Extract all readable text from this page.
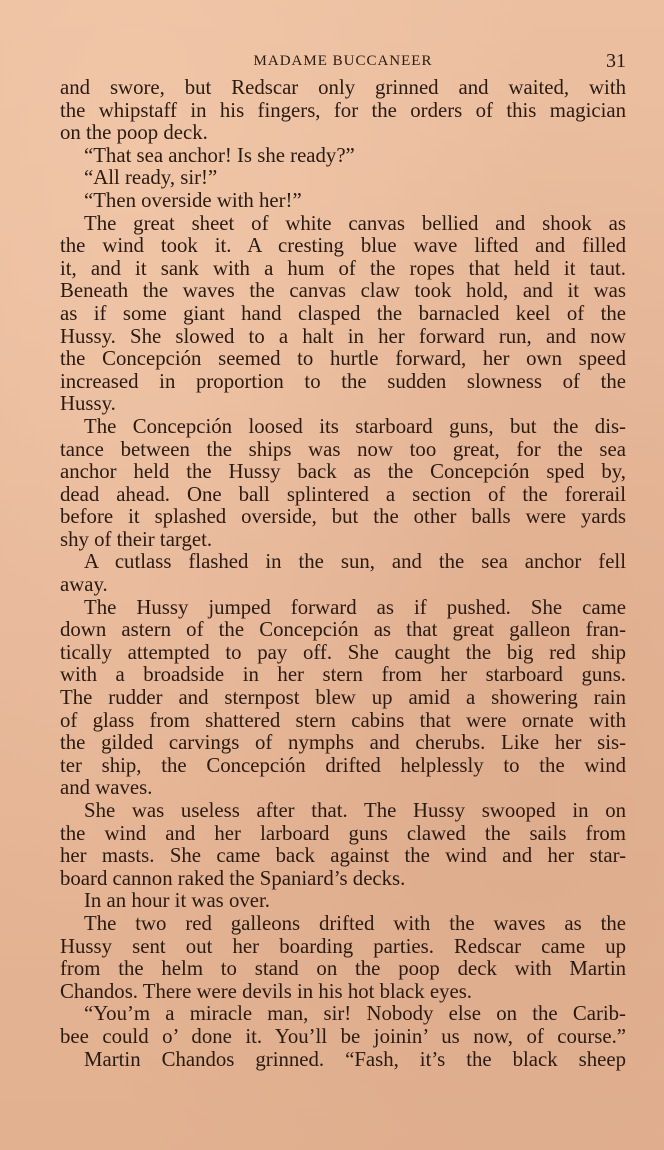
MADAME BUCCANEER	31
and swore, but Redscar only grinned and waited, with
the whipstaff in his fingers, for the orders of this magician
on the poop deck.
“That sea anchor! Is she ready?”
“All ready, sir!”
“Then overside with her!”
The great sheet of white canvas bellied and shook as
the wind took it. A cresting blue wave lifted and filled
it, and it sank with a hum of the ropes that held it taut.
Beneath the waves the canvas claw took hold, and it was
as if some giant hand clasped the barnacled keel of the
Hussy. She slowed to a halt in her forward run, and now
the Concepción seemed to hurtle forward, her own speed
increased in proportion to the sudden slowness of the
Hussy.
The Concepción loosed its starboard guns, but the dis-
tance between the ships was now too great, for the sea
anchor held the Hussy back as the Concepción sped by,
dead ahead. One ball splintered a section of the forerail
before it splashed overside, but the other balls were yards
shy of their target.
A cutlass flashed in the sun, and the sea anchor fell
away.
The Hussy jumped forward as if pushed. She came
down astern of the Concepción as that great galleon fran-
tically attempted to pay off. She caught the big red ship
with a broadside in her stern from her starboard guns.
The rudder and sternpost blew up amid a showering rain
of glass from shattered stern cabins that were ornate with
the gilded carvings of nymphs and cherubs. Like her sis-
ter ship, the Concepción drifted helplessly to the wind
and waves.
She was useless after that. The Hussy swooped in on
the wind and her larboard guns clawed the sails from
her masts. She came back against the wind and her star-
board cannon raked the Spaniard’s decks.
In an hour it was over.
The two red galleons drifted with the waves as the
Hussy sent out her boarding parties. Redscar came up
from the helm to stand on the poop deck with Martin
Chandos. There were devils in his hot black eyes.
“You’m a miracle man, sir! Nobody else on the Carib-
bee could o’ done it. You’ll be joinin’ us now, of course.”
Martin Chandos grinned. “Fash, it’s the black sheep
